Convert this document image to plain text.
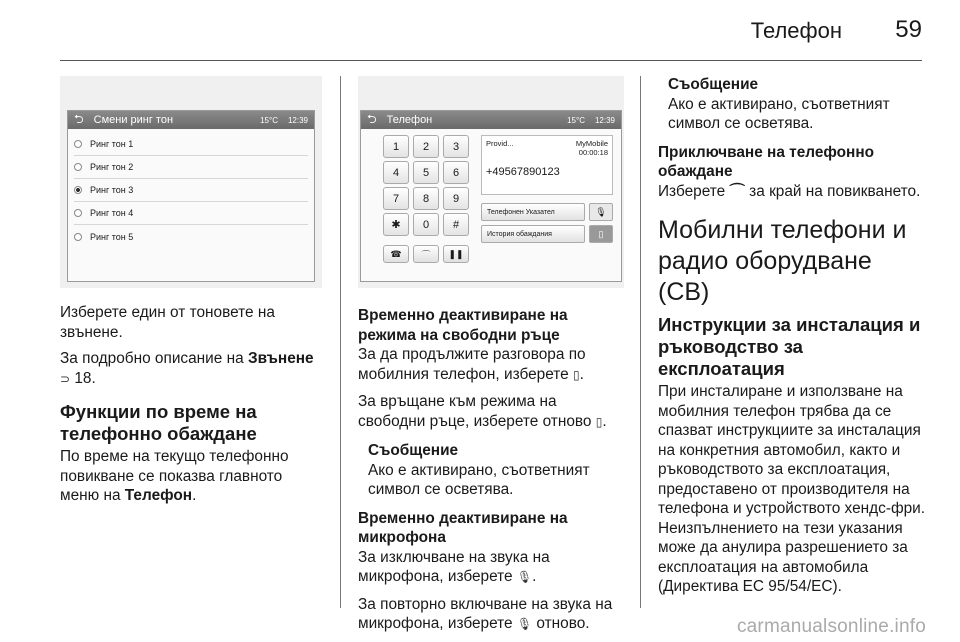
Телефон 59
⮌ Смени ринг тон	15°C 12:39
Ринг тон 1
Ринг тон 2
Ринг тон 3
Ринг тон 4
Ринг тон 5
⮌ Телефон	15°C 12:39
1	2	3
4	5	6
7	8	9
✱	0	#
☎	⌒	❚❚
Provid...	MyMobile
00:00:18
+49567890123
Телефонен Указател	🎙
История обаждания	▯

Изберете един от тоновете на звънене.

За подробно описание на Звънене
⊃ 18.

Функции по време на телефонно обаждане

По време на текущо телефонно повикване се показва главното меню на Телефон.

Временно деактивиране на режима на свободни ръце

За да продължите разговора по мобилния телефон, изберете ▯.

За връщане към режима на свободни ръце, изберете отново ▯.

Съобщение
Ако е активирано, съответният символ се осветява.
Временно деактивиране на микрофона

За изключване на звука на микрофона, изберете 🎙.

За повторно включване на звука на микрофона, изберете 🎙 отново.

Съобщение
Ако е активирано, съответният символ се осветява.
Приключване на телефонно обаждане

Изберете ⌒ за край на повикването.

Мобилни телефони и радио оборудване (CB)
Инструкции за инсталация и ръководство за експлоатация

При инсталиране и използване на мобилния телефон трябва да се спазват инструкциите за инсталация на конкретния автомобил, както и ръководството за експлоатация, предоставено от производителя на телефона и устройството хендс-фри. Неизпълнението на тези указания може да анулира разрешението за експлоатация на автомобила (Директива ЕС 95/54/ЕС).

carmanualsonline.info
